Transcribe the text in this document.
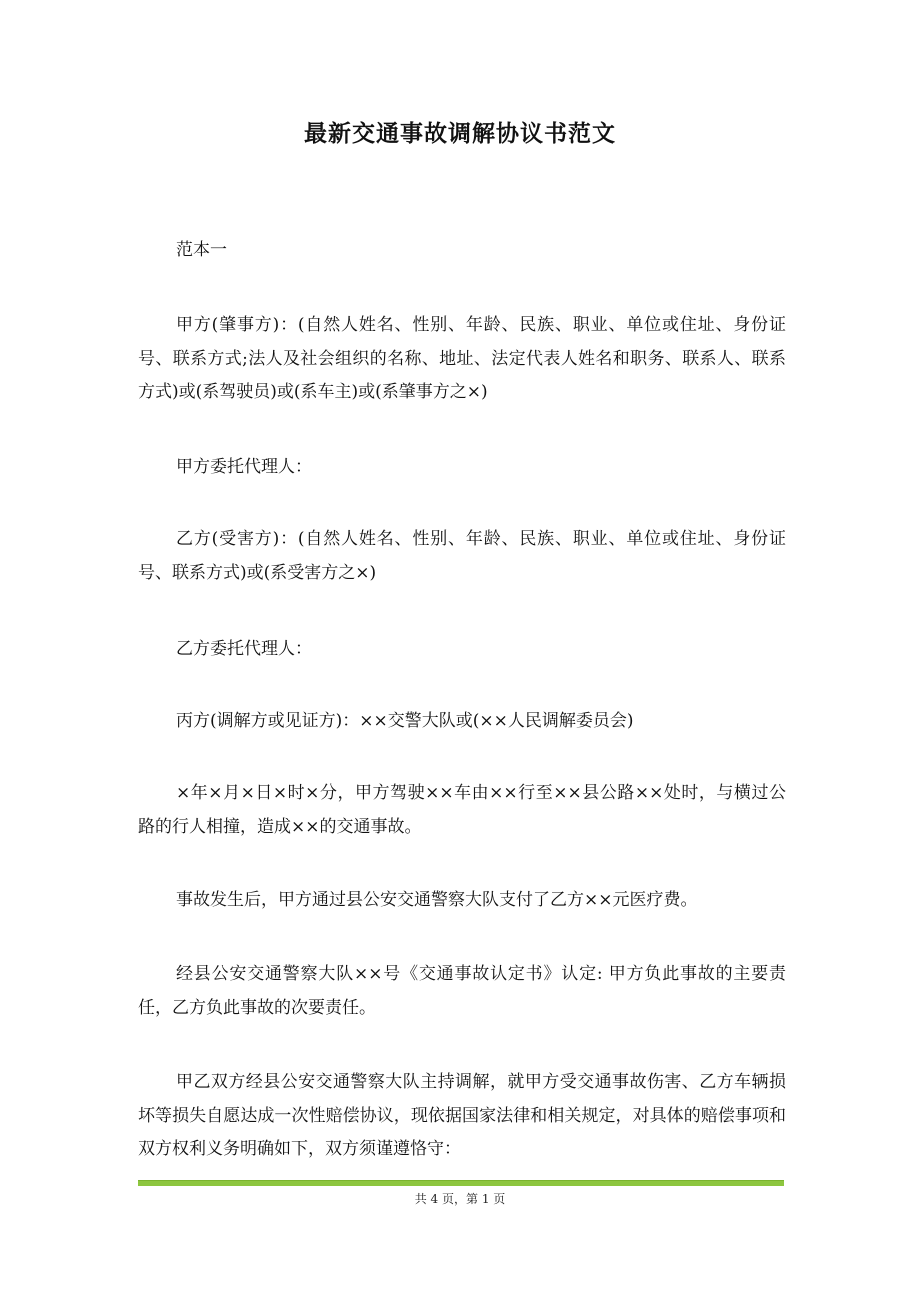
最新交通事故调解协议书范文

范本一

甲方(肇事方)：(自然人姓名、性别、年龄、民族、职业、单位或住址、身份证号、联系方式;法人及社会组织的名称、地址、法定代表人姓名和职务、联系人、联系方式)或(系驾驶员)或(系车主)或(系肇事方之×)

甲方委托代理人：

乙方(受害方)：(自然人姓名、性别、年龄、民族、职业、单位或住址、身份证号、联系方式)或(系受害方之×)

乙方委托代理人：

丙方(调解方或见证方)：××交警大队或(××人民调解委员会)

×年×月×日×时×分，甲方驾驶××车由××行至××县公路××处时，与横过公路的行人相撞，造成××的交通事故。

事故发生后，甲方通过县公安交通警察大队支付了乙方××元医疗费。

经县公安交通警察大队××号《交通事故认定书》认定: 甲方负此事故的主要责任，乙方负此事故的次要责任。

甲乙双方经县公安交通警察大队主持调解，就甲方受交通事故伤害、乙方车辆损坏等损失自愿达成一次性赔偿协议，现依据国家法律和相关规定，对具体的赔偿事项和双方权利义务明确如下，双方须谨遵恪守：

共 4 页，第 1 页
